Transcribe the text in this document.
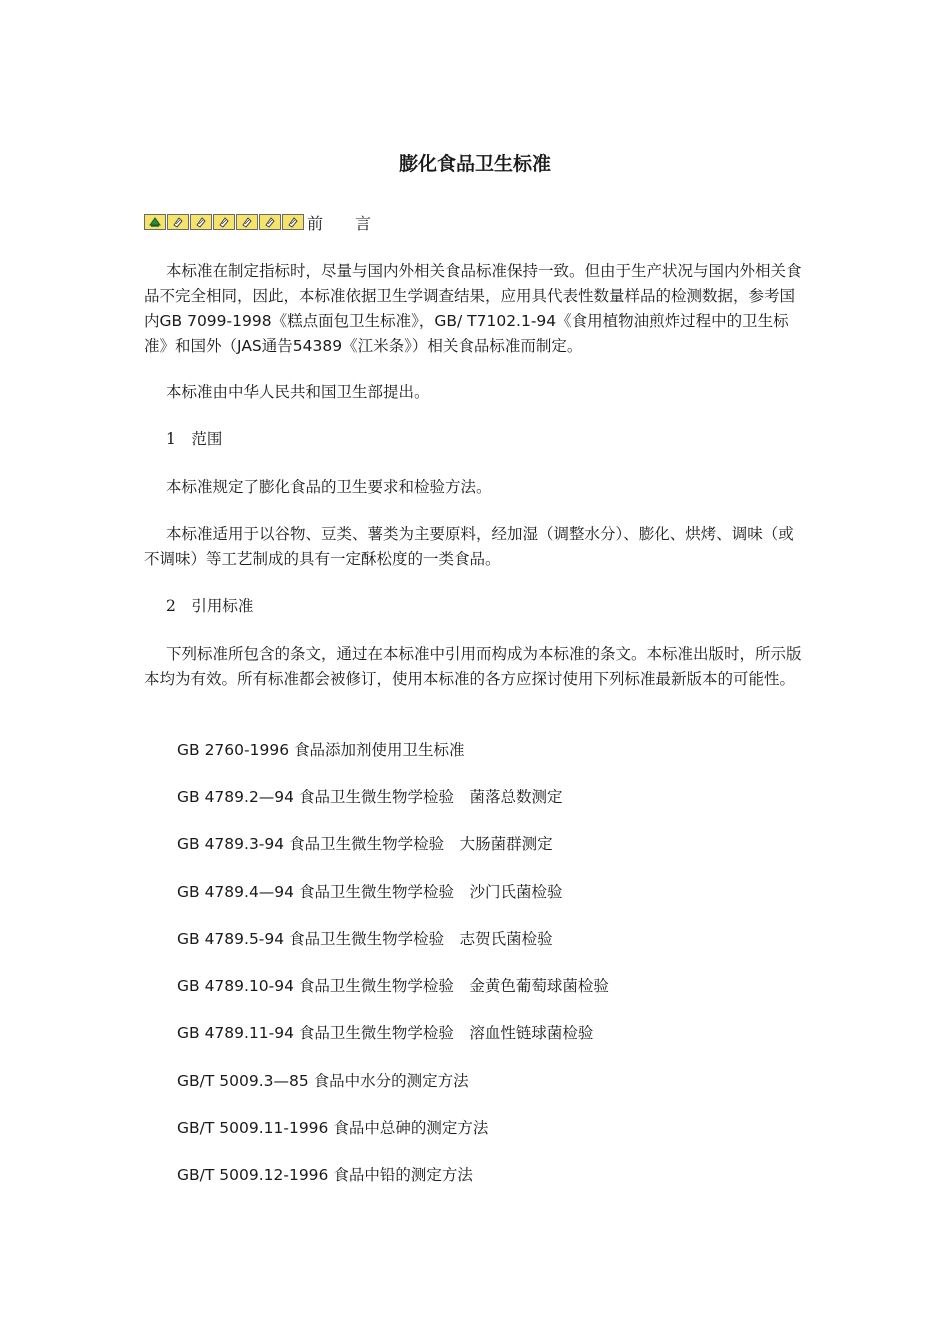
膨化食品卫生标准
前　　言

本标准在制定指标时，尽量与国内外相关食品标准保持一致。但由于生产状况与国内外相关食品不完全相同，因此，本标准依据卫生学调查结果，应用具代表性数量样品的检测数据，参考国内GB 7099-1998《糕点面包卫生标准》，GB/ T7102.1-94《食用植物油煎炸过程中的卫生标准》和国外（JAS通告54389《江米条》）相关食品标准而制定。

本标准由中华人民共和国卫生部提出。

1　范围

本标准规定了膨化食品的卫生要求和检验方法。

本标准适用于以谷物、豆类、薯类为主要原料，经加湿（调整水分）、膨化、烘烤、调味（或不调味）等工艺制成的具有一定酥松度的一类食品。

2　引用标准

下列标准所包含的条文，通过在本标准中引用而构成为本标准的条文。本标准出版时，所示版本均为有效。所有标准都会被修订，使用本标准的各方应探讨使用下列标准最新版本的可能性。

GB 2760-1996 食品添加剂使用卫生标准
GB 4789.2—94 食品卫生微生物学检验　菌落总数测定
GB 4789.3-94 食品卫生微生物学检验　大肠菌群测定
GB 4789.4—94 食品卫生微生物学检验　沙门氏菌检验
GB 4789.5-94 食品卫生微生物学检验　志贺氏菌检验
GB 4789.10-94 食品卫生微生物学检验　金黄色葡萄球菌检验
GB 4789.11-94 食品卫生微生物学检验　溶血性链球菌检验
GB/T 5009.3—85 食品中水分的测定方法
GB/T 5009.11-1996 食品中总砷的测定方法
GB/T 5009.12-1996 食品中铅的测定方法
